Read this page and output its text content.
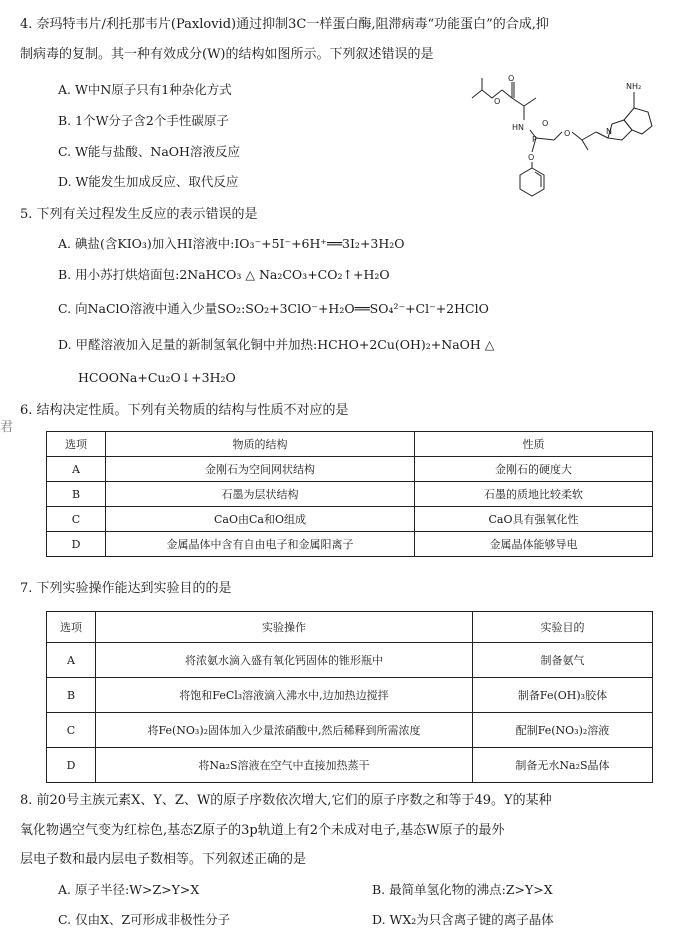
君
4. 奈玛特韦片/利托那韦片(Paxlovid)通过抑制3C一样蛋白酶,阻滞病毒“功能蛋白”的合成,抑
制病毒的复制。其一种有效成分(W)的结构如图所示。下列叙述错误的是
A. W中N原子只有1种杂化方式
B. 1个W分子含2个手性碳原子
C. W能与盐酸、NaOH溶液反应
D. W能发生加成反应、取代反应
O
O
NH₂
HN
P
O
O
O	N
5. 下列有关过程发生反应的表示错误的是
A. 碘盐(含KIO₃)加入HI溶液中:IO₃⁻+5I⁻+6H⁺══3I₂+3H₂O
B. 用小苏打烘焙面包:2NaHCO₃ △ Na₂CO₃+CO₂↑+H₂O
C. 向NaClO溶液中通入少量SO₂:SO₂+3ClO⁻+H₂O══SO₄²⁻+Cl⁻+2HClO
D. 甲醛溶液加入足量的新制氢氧化铜中并加热:HCHO+2Cu(OH)₂+NaOH △
HCOONa+Cu₂O↓+3H₂O
6. 结构决定性质。下列有关物质的结构与性质不对应的是
选项	物质的结构	性质
A	金刚石为空间网状结构	金刚石的硬度大
B	石墨为层状结构	石墨的质地比较柔软
C	CaO由Ca和O组成	CaO具有强氧化性
D	金属晶体中含有自由电子和金属阳离子	金属晶体能够导电
7. 下列实验操作能达到实验目的的是
选项	实验操作	实验目的
A	将浓氨水滴入盛有氧化钙固体的锥形瓶中	制备氨气
B	将饱和FeCl₃溶液滴入沸水中,边加热边搅拌	制备Fe(OH)₃胶体
C	将Fe(NO₃)₂固体加入少量浓硝酸中,然后稀释到所需浓度	配制Fe(NO₃)₂溶液
D	将Na₂S溶液在空气中直接加热蒸干	制备无水Na₂S晶体
8. 前20号主族元素X、Y、Z、W的原子序数依次增大,它们的原子序数之和等于49。Y的某种
氧化物遇空气变为红棕色,基态Z原子的3p轨道上有2个未成对电子,基态W原子的最外
层电子数和最内层电子数相等。下列叙述正确的是
A. 原子半径:W>Z>Y>X	B. 最简单氢化物的沸点:Z>Y>X
C. 仅由X、Z可形成非极性分子	D. WX₂为只含离子键的离子晶体
